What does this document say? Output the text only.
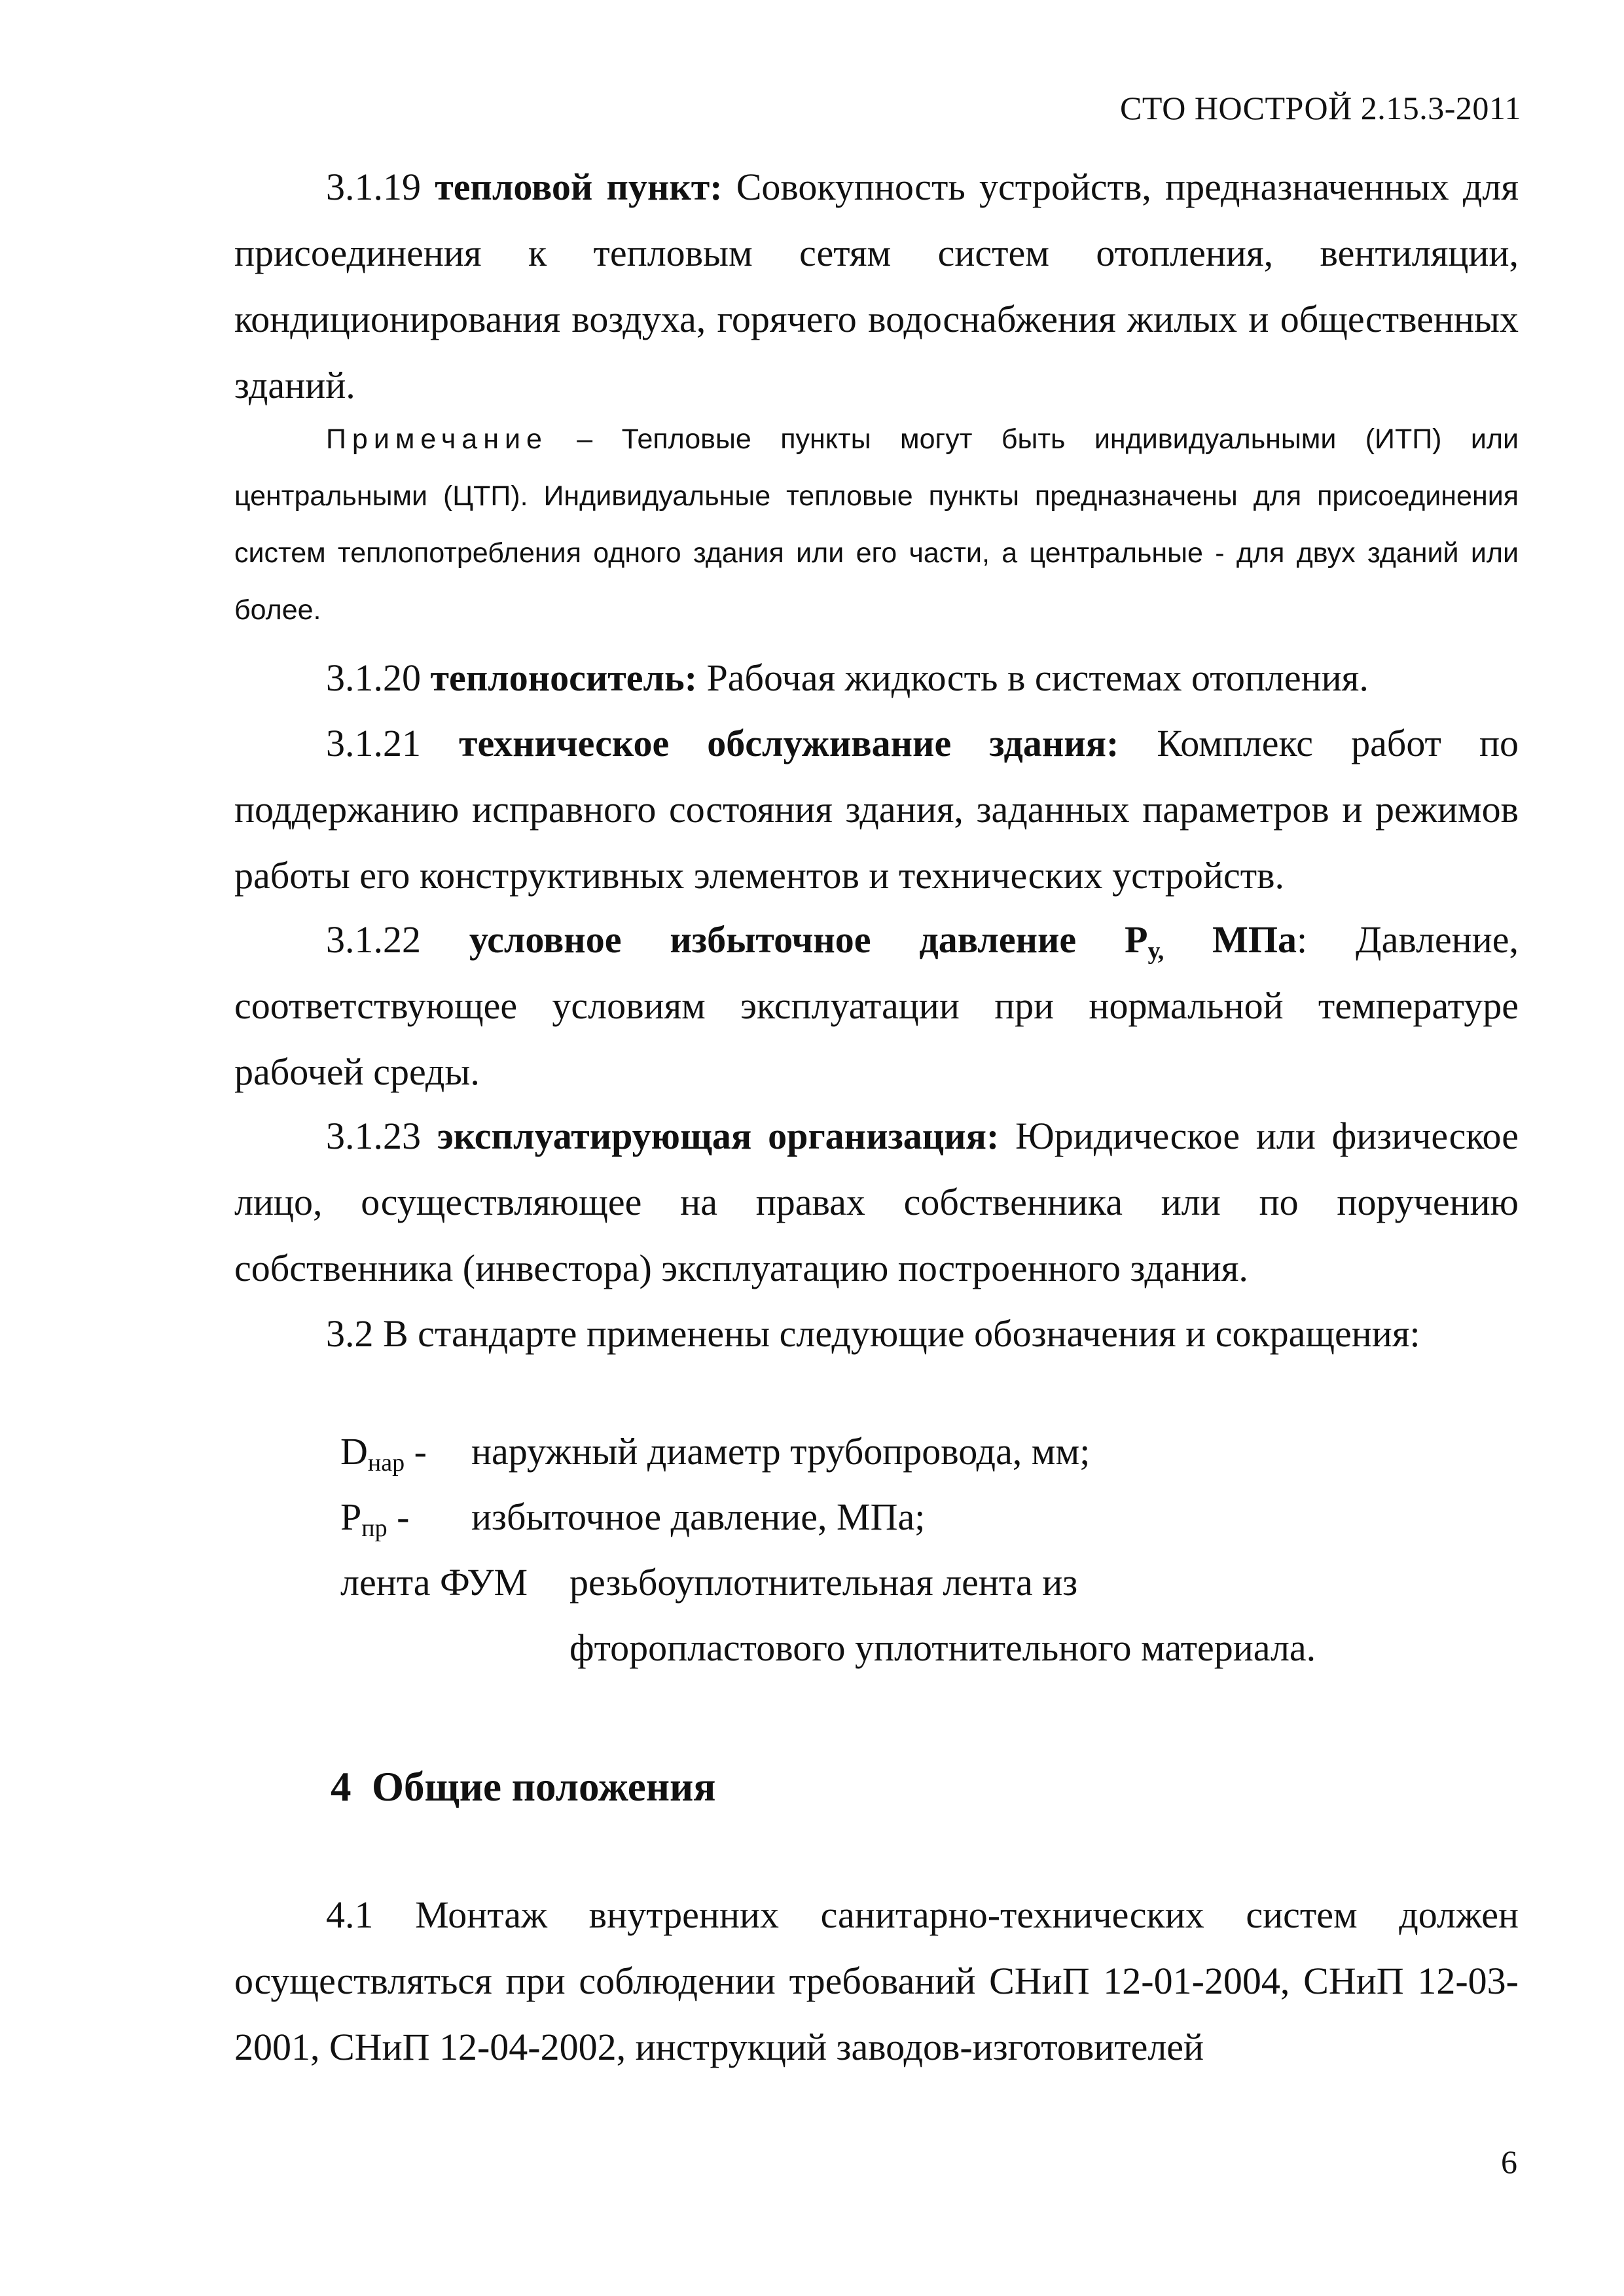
СТО НОСТРОЙ 2.15.3-2011
3.1.19 тепловой пункт: Совокупность устройств, предназначенных для присоединения к тепловым сетям систем отопления, вентиляции, кондиционирования воздуха, горячего водоснабжения жилых и общественных зданий.
Примечание – Тепловые пункты могут быть индивидуальными (ИТП) или центральными (ЦТП). Индивидуальные тепловые пункты предназначены для присоединения систем теплопотребления одного здания или его части, а центральные - для двух зданий или более.
3.1.20 теплоноситель: Рабочая жидкость в системах отопления.
3.1.21 техническое обслуживание здания: Комплекс работ по поддержанию исправного состояния здания, заданных параметров и режимов работы его конструктивных элементов и технических устройств.
3.1.22 условное избыточное давление $Р_{у,}$ МПа: Давление, соответствующее условиям эксплуатации при нормальной температуре рабочей среды.
3.1.23 эксплуатирующая организация: Юридическое или физическое лицо, осуществляющее на правах собственника или по поручению собственника (инвестора) эксплуатацию построенного здания.
3.2 В стандарте применены следующие обозначения и сокращения:
$D_{нар}$ - наружный диаметр трубопровода, мм;
$Р_{пр}$ - избыточное давление, МПа;
лента ФУМ резьбоуплотнительная лента из
фторопластового уплотнительного материала.
4 Общие положения
4.1 Монтаж внутренних санитарно-технических систем должен осуществляться при соблюдении требований СНиП 12-01-2004, СНиП 12-03-2001, СНиП 12-04-2002, инструкций заводов-изготовителей
6
